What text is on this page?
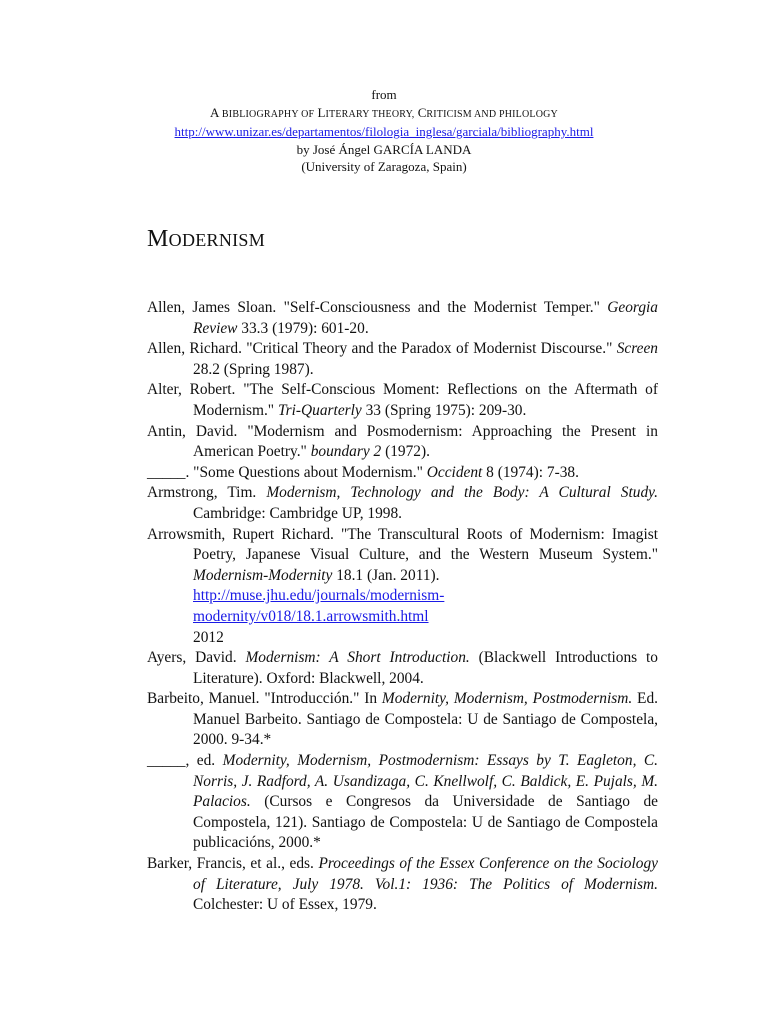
from
A BIBLIOGRAPHY OF LITERARY THEORY, CRITICISM AND PHILOLOGY
http://www.unizar.es/departamentos/filologia_inglesa/garciala/bibliography.html
by José Ángel GARCÍA LANDA
(University of Zaragoza, Spain)
MODERNISM

Allen, James Sloan. "Self-Consciousness and the Modernist Temper." Georgia Review 33.3 (1979): 601-20.

Allen, Richard. "Critical Theory and the Paradox of Modernist Discourse." Screen 28.2 (Spring 1987).

Alter, Robert. "The Self-Conscious Moment: Reflections on the Aftermath of Modernism." Tri-Quarterly 33 (Spring 1975): 209-30.

Antin, David. "Modernism and Posmodernism: Approaching the Present in American Poetry." boundary 2 (1972).

_____. "Some Questions about Modernism." Occident 8 (1974): 7-38.

Armstrong, Tim. Modernism, Technology and the Body: A Cultural Study. Cambridge: Cambridge UP, 1998.

Arrowsmith, Rupert Richard. "The Transcultural Roots of Modernism: Imagist Poetry, Japanese Visual Culture, and the Western Museum System." Modernism-Modernity 18.1 (Jan. 2011).
http://muse.jhu.edu/journals/modernism-
modernity/v018/18.1.arrowsmith.html
2012

Ayers, David. Modernism: A Short Introduction. (Blackwell Introductions to Literature). Oxford: Blackwell, 2004.

Barbeito, Manuel. "Introducción." In Modernity, Modernism, Postmodernism. Ed. Manuel Barbeito. Santiago de Compostela: U de Santiago de Compostela, 2000. 9-34.*

_____, ed. Modernity, Modernism, Postmodernism: Essays by T. Eagleton, C. Norris, J. Radford, A. Usandizaga, C. Knellwolf, C. Baldick, E. Pujals, M. Palacios. (Cursos e Congresos da Universidade de Santiago de Compostela, 121). Santiago de Compostela: U de Santiago de Compostela publicacións, 2000.*

Barker, Francis, et al., eds. Proceedings of the Essex Conference on the Sociology of Literature, July 1978. Vol.1: 1936: The Politics of Modernism. Colchester: U of Essex, 1979.
